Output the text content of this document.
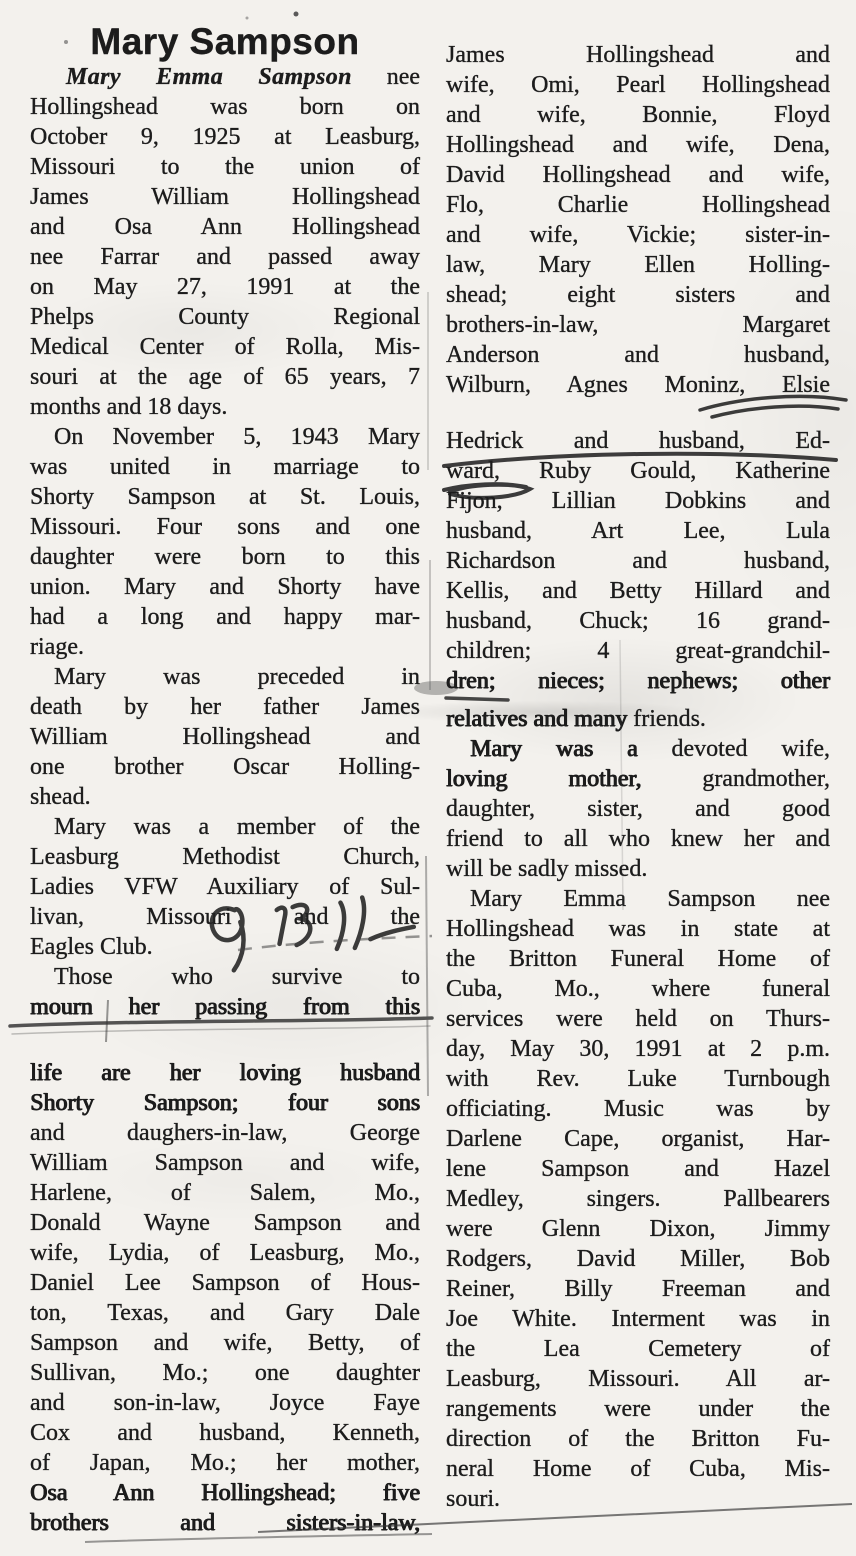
Mary Sampson
Mary Emma Sampson nee
Hollingshead was born on
October 9, 1925 at Leasburg,
Missouri to the union of
James William Hollingshead
and Osa Ann Hollingshead
nee Farrar and passed away
on May 27, 1991 at the
Phelps County Regional
Medical Center of Rolla, Mis-
souri at the age of 65 years, 7
months and 18 days.
On November 5, 1943 Mary
was united in marriage to
Shorty Sampson at St. Louis,
Missouri. Four sons and one
daughter were born to this
union. Mary and Shorty have
had a long and happy mar-
riage.
Mary was preceded in
death by her father James
William Hollingshead and
one brother Oscar Holling-
shead.
Mary was a member of the
Leasburg Methodist Church,
Ladies VFW Auxiliary of Sul-
livan, Missouri and the
Eagles Club.
Those who survive to
mourn her passing from this
life are her loving husband
Shorty Sampson; four sons
and daughers-in-law, George
William Sampson and wife,
Harlene, of Salem, Mo.,
Donald Wayne Sampson and
wife, Lydia, of Leasburg, Mo.,
Daniel Lee Sampson of Hous-
ton, Texas, and Gary Dale
Sampson and wife, Betty, of
Sullivan, Mo.; one daughter
and son-in-law, Joyce Faye
Cox and husband, Kenneth,
of Japan, Mo.; her mother,
Osa Ann Hollingshead; five
brothers and sisters-in-law,
James Hollingshead and
wife, Omi, Pearl Hollingshead
and wife, Bonnie, Floyd
Hollingshead and wife, Dena,
David Hollingshead and wife,
Flo, Charlie Hollingshead
and wife, Vickie; sister-in-
law, Mary Ellen Holling-
shead; eight sisters and
brothers-in-law, Margaret
Anderson and husband,
Wilburn, Agnes Moninz, Elsie
Hedrick and husband, Ed-
ward, Ruby Gould, Katherine
Fijon, Lillian Dobkins and
husband, Art Lee, Lula
Richardson and husband,
Kellis, and Betty Hillard and
husband, Chuck; 16 grand-
children; 4 great-grandchil-
dren; nieces; nephews; other
relatives and many friends.
Mary was a devoted wife,
loving mother, grandmother,
daughter, sister, and good
friend to all who knew her and
will be sadly missed.
Mary Emma Sampson nee
Hollingshead was in state at
the Britton Funeral Home of
Cuba, Mo., where funeral
services were held on Thurs-
day, May 30, 1991 at 2 p.m.
with Rev. Luke Turnbough
officiating. Music was by
Darlene Cape, organist, Har-
lene Sampson and Hazel
Medley, singers. Pallbearers
were Glenn Dixon, Jimmy
Rodgers, David Miller, Bob
Reiner, Billy Freeman and
Joe White. Interment was in
the Lea Cemetery of
Leasburg, Missouri. All ar-
rangements were under the
direction of the Britton Fu-
neral Home of Cuba, Mis-
souri.
